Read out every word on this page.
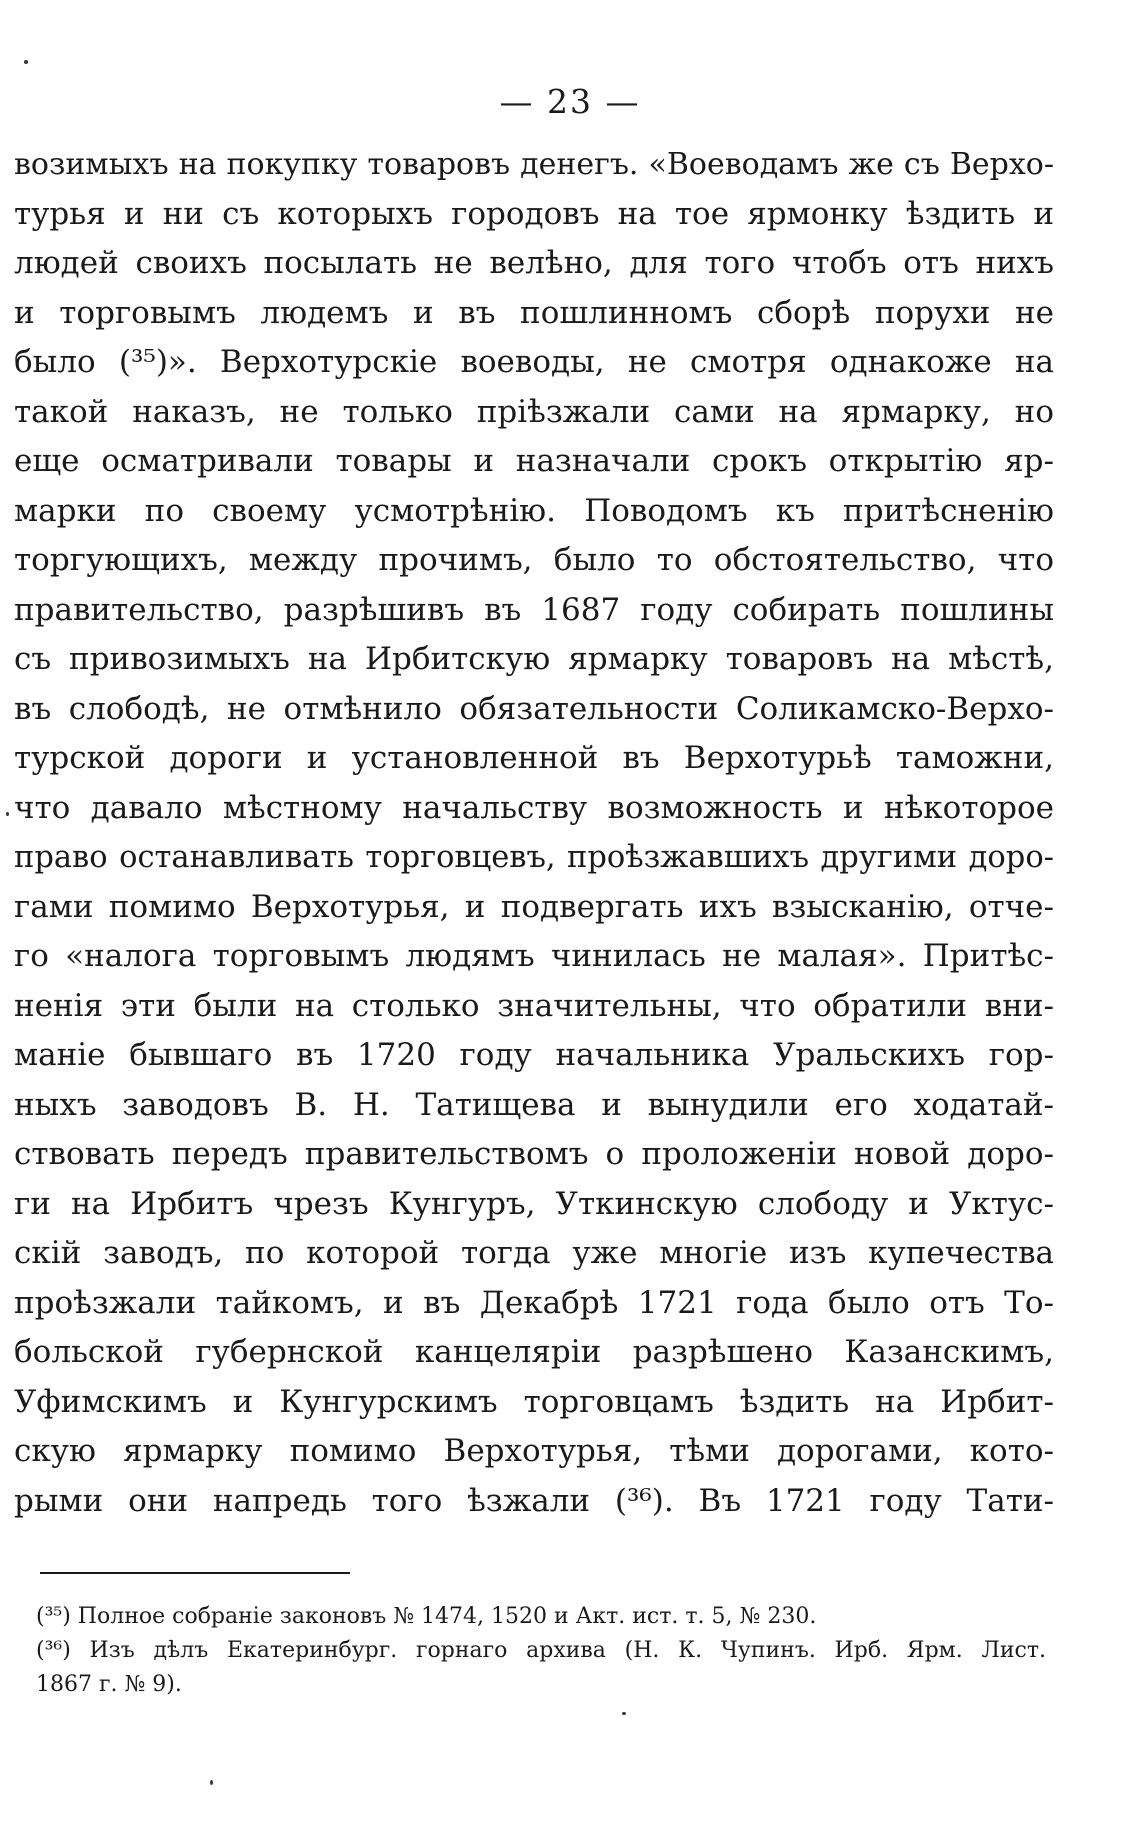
— 23 —
возимыхъ на покупку товаровъ денегъ. «Воеводамъ же съ Верхо-
турья и ни съ которыхъ городовъ на тое ярмонку ѣздить и
людей своихъ посылать не велѣно, для того чтобъ отъ нихъ
и торговымъ людемъ и въ пошлинномъ сборѣ порухи не
было (³⁵)». Верхотурскіе воеводы, не смотря однакоже на
такой наказъ, не только пріѣзжали сами на ярмарку, но
еще осматривали товары и назначали срокъ открытію яр-
марки по своему усмотрѣнію. Поводомъ къ притѣсненію
торгующихъ, между прочимъ, было то обстоятельство, что
правительство, разрѣшивъ въ 1687 году собирать пошлины
съ привозимыхъ на Ирбитскую ярмарку товаровъ на мѣстѣ,
въ слободѣ, не отмѣнило обязательности Соликамско-Верхо-
турской дороги и установленной въ Верхотурьѣ таможни,
что давало мѣстному начальству возможность и нѣкоторое
право останавливать торговцевъ, проѣзжавшихъ другими доро-
гами помимо Верхотурья, и подвергать ихъ взысканію, отче-
го «налога торговымъ людямъ чинилась не малая». Притѣс-
ненія эти были на столько значительны, что обратили вни-
маніе бывшаго въ 1720 году начальника Уральскихъ гор-
ныхъ заводовъ В. Н. Татищева и вынудили его ходатай-
ствовать передъ правительствомъ о проложеніи новой доро-
ги на Ирбитъ чрезъ Кунгуръ, Уткинскую слободу и Уктус-
скій заводъ, по которой тогда уже многіе изъ купечества
проѣзжали тайкомъ, и въ Декабрѣ 1721 года было отъ То-
больской губернской канцеляріи разрѣшено Казанскимъ,
Уфимскимъ и Кунгурскимъ торговцамъ ѣздить на Ирбит-
скую ярмарку помимо Верхотурья, тѣми дорогами, кото-
рыми они напредь того ѣзжали (³⁶). Въ 1721 году Тати-
(³⁵) Полное собраніе законовъ № 1474, 1520 и Акт. ист. т. 5, № 230.
(³⁶) Изъ дѣлъ Екатеринбург. горнаго архива (Н. К. Чупинъ. Ирб. Ярм. Лист.
1867 г. № 9).
